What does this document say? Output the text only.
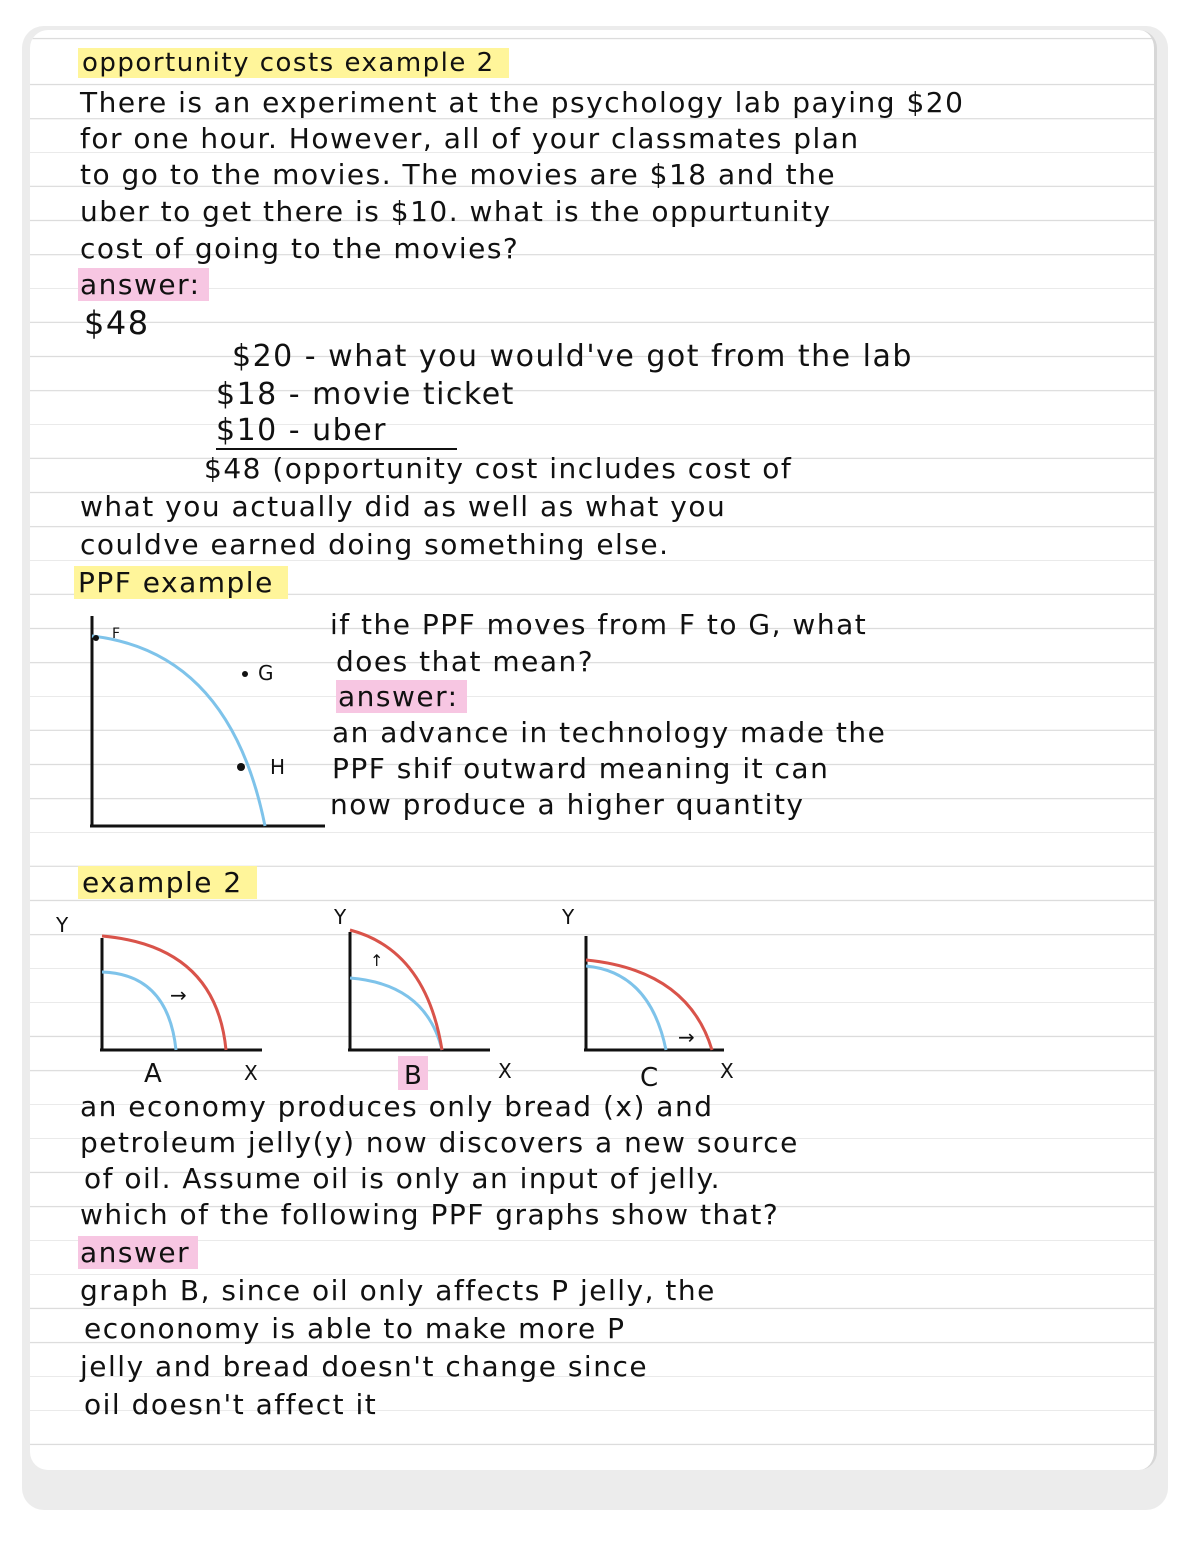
opportunity costs example 2
There is an experiment at the psychology lab paying $20
for one hour. However, all of your classmates plan
to go to the movies. The movies are $18 and the
uber to get there is $10. what is the oppurtunity
cost of going to the movies?
answer:
$48
$20 - what you would've got from the lab
$18 - movie ticket
$10 - uber
$48 (opportunity cost includes cost of
what you actually did as well as what you
couldve earned doing something else.
PPF example
F
G
H
if the PPF moves from F to G, what
does that mean?
answer:
an advance in technology made the
PPF shif outward meaning it can
now produce a higher quantity
example 2
Y
→
A	X
Y
↑
B	X
Y
→
C	X
an economy produces only bread (x) and
petroleum jelly(y) now discovers a new source
of oil. Assume oil is only an input of jelly.
which of the following PPF graphs show that?
answer
graph B, since oil only affects P jelly, the
econonomy is able to make more P
jelly and bread doesn't change since
oil doesn't affect it
